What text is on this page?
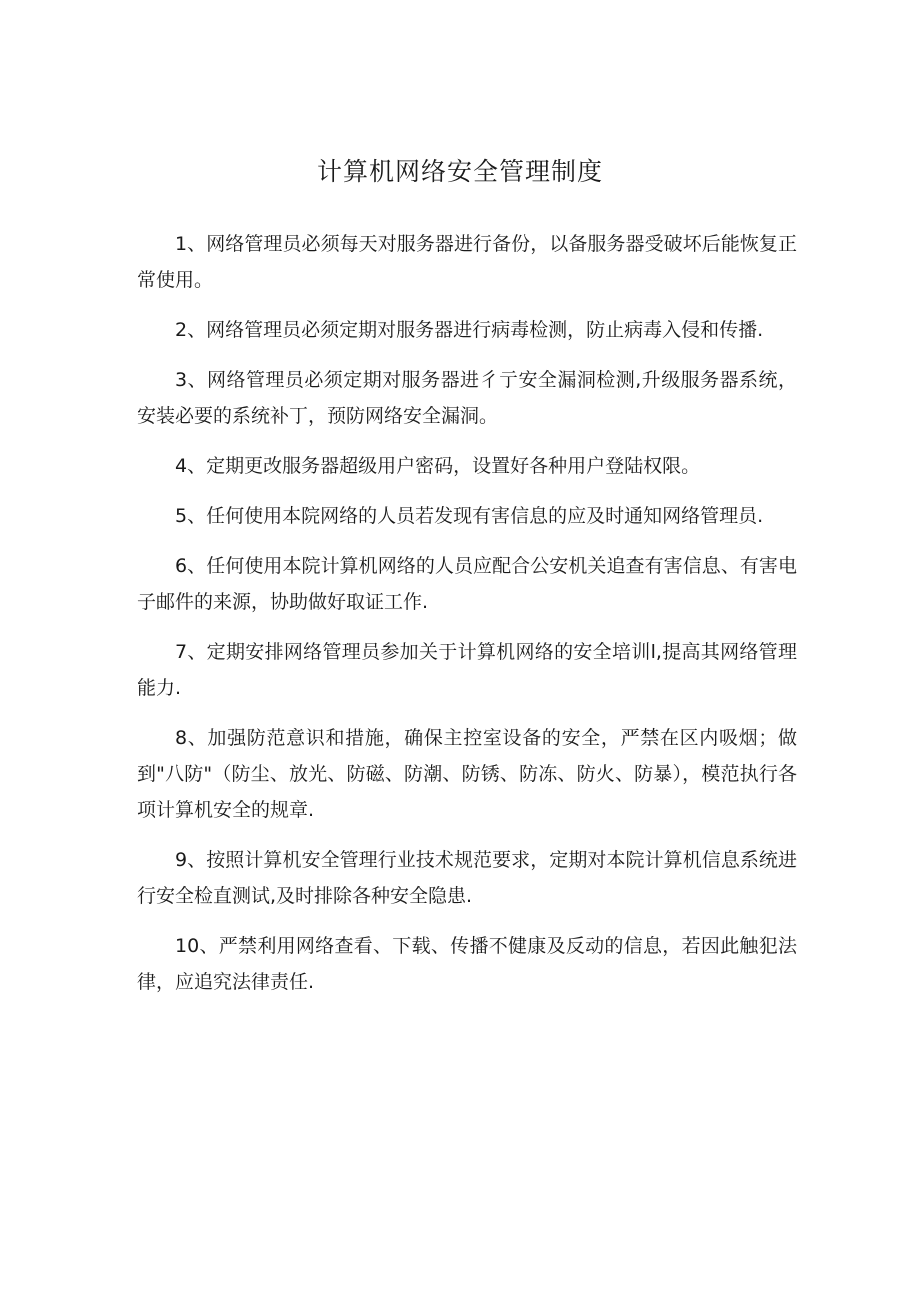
计算机网络安全管理制度
1、网络管理员必须每天对服务器进行备份，以备服务器受破坏后能恢复正常使用。
2、网络管理员必须定期对服务器进行病毒检测，防止病毒入侵和传播.
3、网络管理员必须定期对服务器进彳亍安全漏洞检测,升级服务器系统，安装必要的系统补丁，预防网络安全漏洞。
4、定期更改服务器超级用户密码，设置好各种用户登陆权限。
5、任何使用本院网络的人员若发现有害信息的应及时通知网络管理员.
6、任何使用本院计算机网络的人员应配合公安机关追查有害信息、有害电子邮件的来源，协助做好取证工作.
7、定期安排网络管理员参加关于计算机网络的安全培训l,提高其网络管理能力.
8、加强防范意识和措施，确保主控室设备的安全，严禁在区内吸烟；做到"八防"（防尘、放光、防磁、防潮、防锈、防冻、防火、防暴），模范执行各项计算机安全的规章.
9、按照计算机安全管理行业技术规范要求，定期对本院计算机信息系统进行安全检直测试,及时排除各种安全隐患.
10、严禁利用网络查看、下载、传播不健康及反动的信息，若因此触犯法律，应追究法律责任.
